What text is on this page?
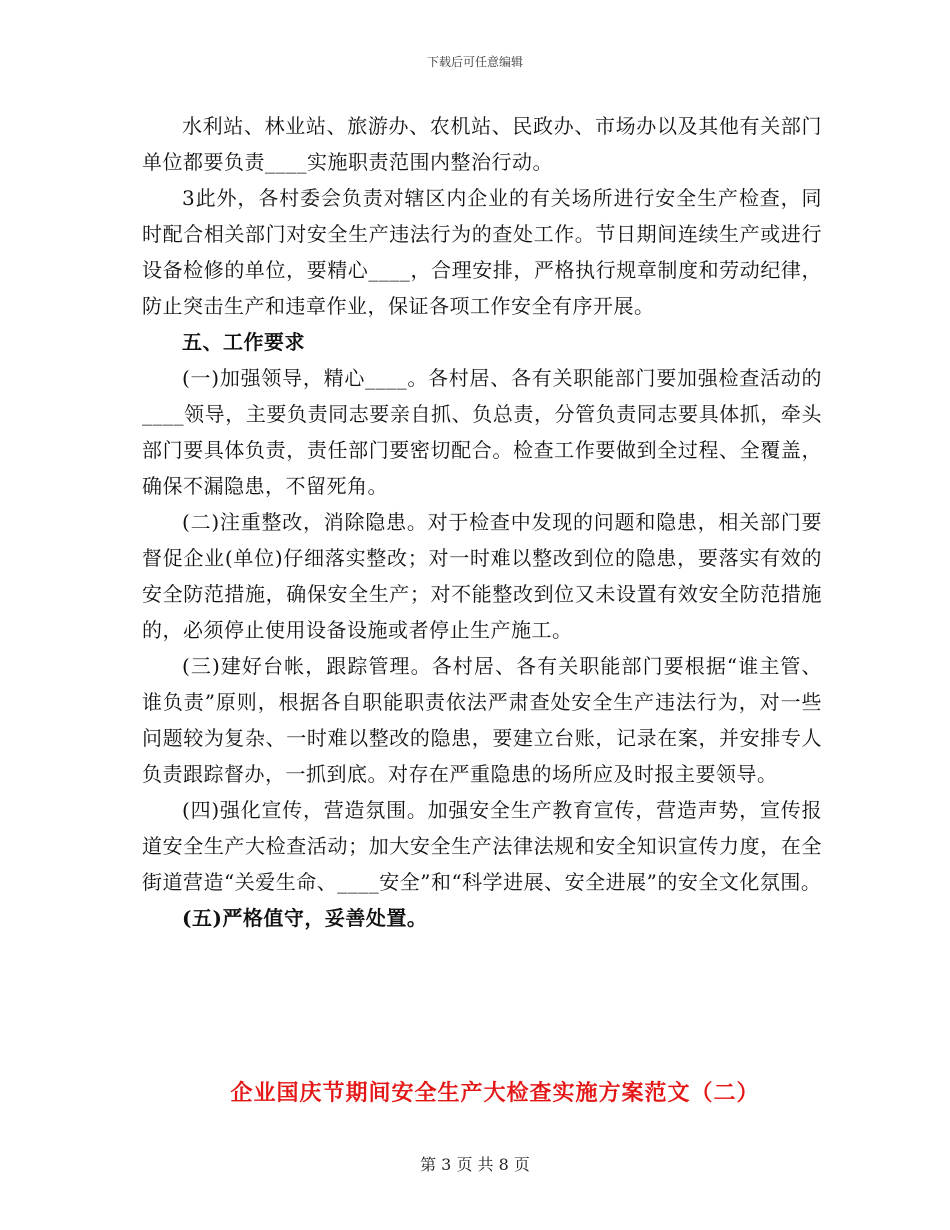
下载后可任意编辑

水利站、林业站、旅游办、农机站、民政办、市场办以及其他有关部门单位都要负责____实施职责范围内整治行动。

3此外，各村委会负责对辖区内企业的有关场所进行安全生产检查，同时配合相关部门对安全生产违法行为的查处工作。节日期间连续生产或进行设备检修的单位，要精心____，合理安排，严格执行规章制度和劳动纪律，防止突击生产和违章作业，保证各项工作安全有序开展。

五、工作要求

(一)加强领导，精心____。各村居、各有关职能部门要加强检查活动的____领导，主要负责同志要亲自抓、负总责，分管负责同志要具体抓，牵头部门要具体负责，责任部门要密切配合。检查工作要做到全过程、全覆盖，确保不漏隐患，不留死角。

(二)注重整改，消除隐患。对于检查中发现的问题和隐患，相关部门要督促企业(单位)仔细落实整改；对一时难以整改到位的隐患，要落实有效的安全防范措施，确保安全生产；对不能整改到位又未设置有效安全防范措施的，必须停止使用设备设施或者停止生产施工。

(三)建好台帐，跟踪管理。各村居、各有关职能部门要根据“谁主管、谁负责”原则，根据各自职能职责依法严肃查处安全生产违法行为，对一些问题较为复杂、一时难以整改的隐患，要建立台账，记录在案，并安排专人负责跟踪督办，一抓到底。对存在严重隐患的场所应及时报主要领导。

(四)强化宣传，营造氛围。加强安全生产教育宣传，营造声势，宣传报道安全生产大检查活动；加大安全生产法律法规和安全知识宣传力度，在全街道营造“关爱生命、____安全”和“科学进展、安全进展”的安全文化氛围。

(五)严格值守，妥善处置。

企业国庆节期间安全生产大检查实施方案范文（二）
第 3 页 共 8 页
